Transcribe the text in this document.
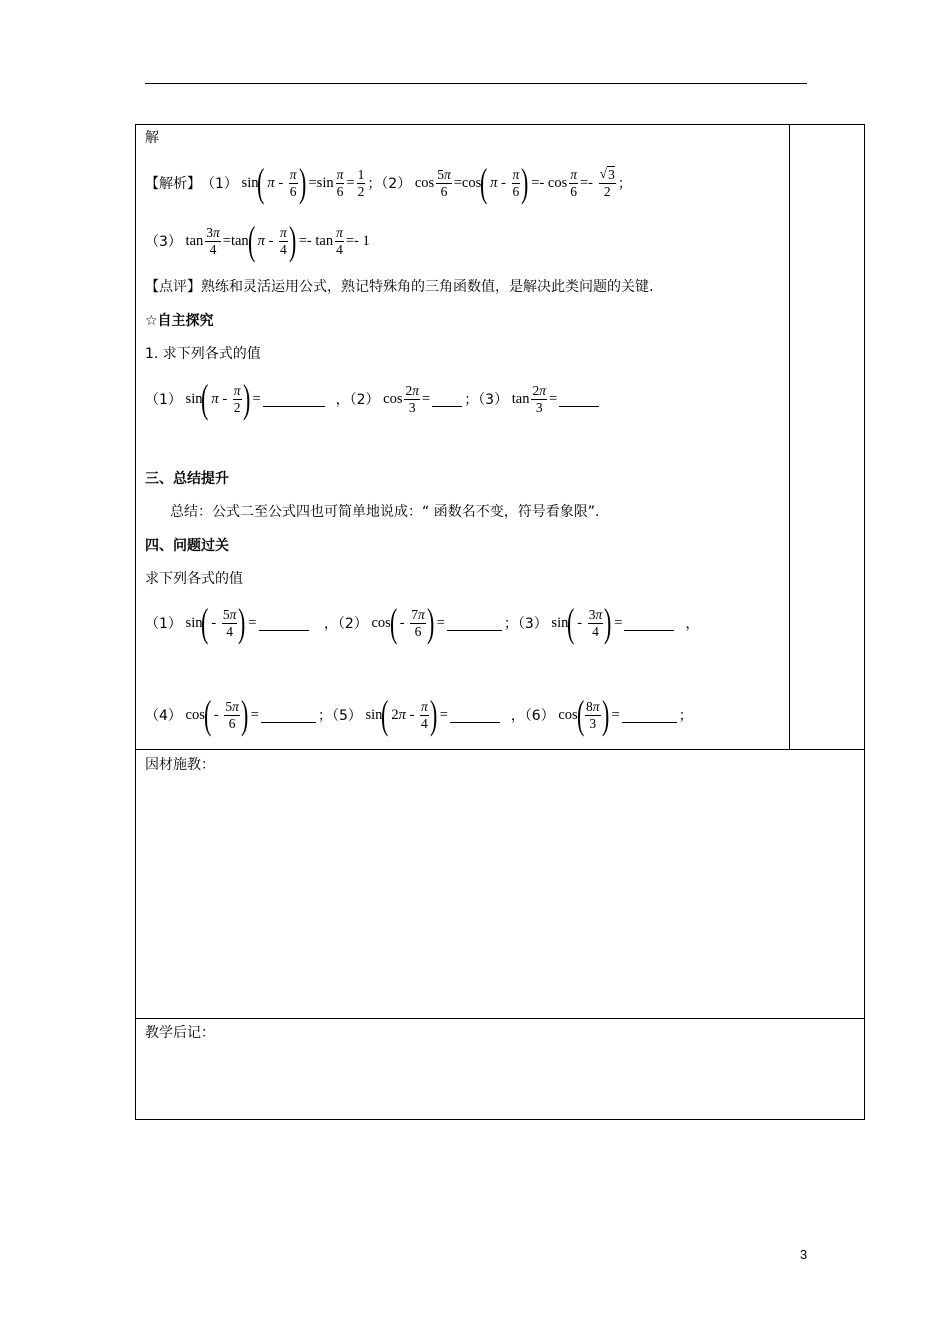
解
【解析】 （1） sin
(
π - $\frac{\pi}{6}$ )
$=\sin \frac{\pi}{6} = \frac{1}{2}$ ；（2） $\cos \frac{5\pi}{6} =\cos$
(
π - $\frac{\pi}{6}$ )
=- $\cos \frac{\pi}{6} =- \frac{√ 3}{2}$ ；
（3） $\tan \frac{3\pi}{4} =\tan$
(
π - $\frac{\pi}{4}$ )
=- $\tan \frac{\pi}{4} =- 1$
【点评】熟练和灵活运用公式，熟记特殊角的三角函数值，是解决此类问题的关键.
☆自主探究
1. 求下列各式的值
（1） sin
(
π - $\frac{\pi}{2}$ )
=
	，（2） $\cos \frac{2\pi}{3}$ = ；（3） $\tan \frac{2\pi}{3}$ =
三、总结提升
总结：公式二至公式四也可简单地说成：“ 函数名不变，符号看象限”.
四、问题过关
求下列各式的值
（1） sin
(
- $\frac{5\pi}{4}$ )
=
	，（2） cos
(
- $\frac{7\pi}{6}$ )
=	；（3） sin
(
- $\frac{3\pi}{4}$ )
=	，
（4） cos
(
- $\frac{5\pi}{6}$ )
=	；（5） sin
(
$2\pi - \frac{\pi}{4}$ )
=
	，（6） cos
( $\frac{8\pi}{3}$ )
=	；
因材施教：
教学后记：
3
